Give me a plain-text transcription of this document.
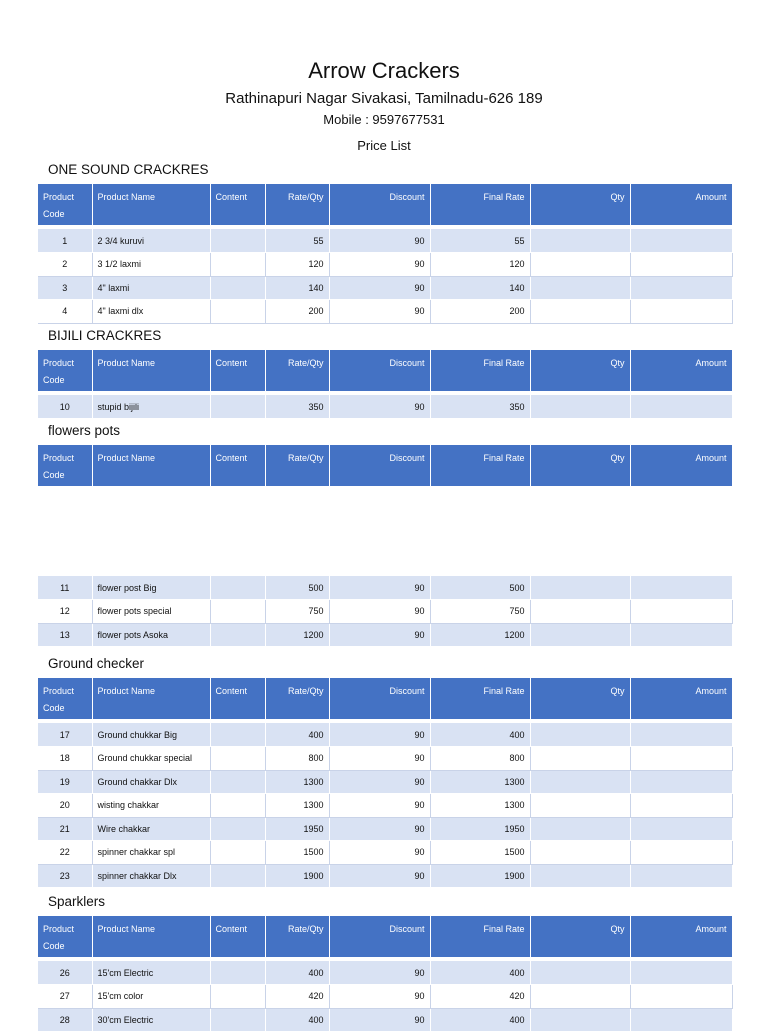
Arrow Crackers
Rathinapuri Nagar Sivakasi, Tamilnadu-626 189
Mobile : 9597677531
Price List
ONE SOUND CRACKRES
Product Code	Product Name	Content	Rate/Qty	Discount	Final Rate	Qty	Amount

1	2 3/4 kuruvi		55	90	55		
2	3 1/2 laxmi		120	90	120		
3	4" laxmi		140	90	140		
4	4" laxmi dlx		200	90	200		
BIJILI CRACKRES
Product Code	Product Name	Content	Rate/Qty	Discount	Final Rate	Qty	Amount

10	stupid bijili		350	90	350		
flowers pots
Product Code	Product Name	Content	Rate/Qty	Discount	Final Rate	Qty	Amount

11	flower post Big		500	90	500		
12	flower pots special		750	90	750		
13	flower pots Asoka		1200	90	1200		
Ground checker
Product Code	Product Name	Content	Rate/Qty	Discount	Final Rate	Qty	Amount

17	Ground chukkar Big		400	90	400		
18	Ground chukkar special		800	90	800		
19	Ground chakkar Dlx		1300	90	1300		
20	wisting chakkar		1300	90	1300		
21	Wire chakkar		1950	90	1950		
22	spinner chakkar spl		1500	90	1500		
23	spinner chakkar Dlx		1900	90	1900		
Sparklers
Product Code	Product Name	Content	Rate/Qty	Discount	Final Rate	Qty	Amount

26	15'cm Electric		400	90	400		
27	15'cm color		420	90	420		
28	30'cm Electric		400	90	400		
